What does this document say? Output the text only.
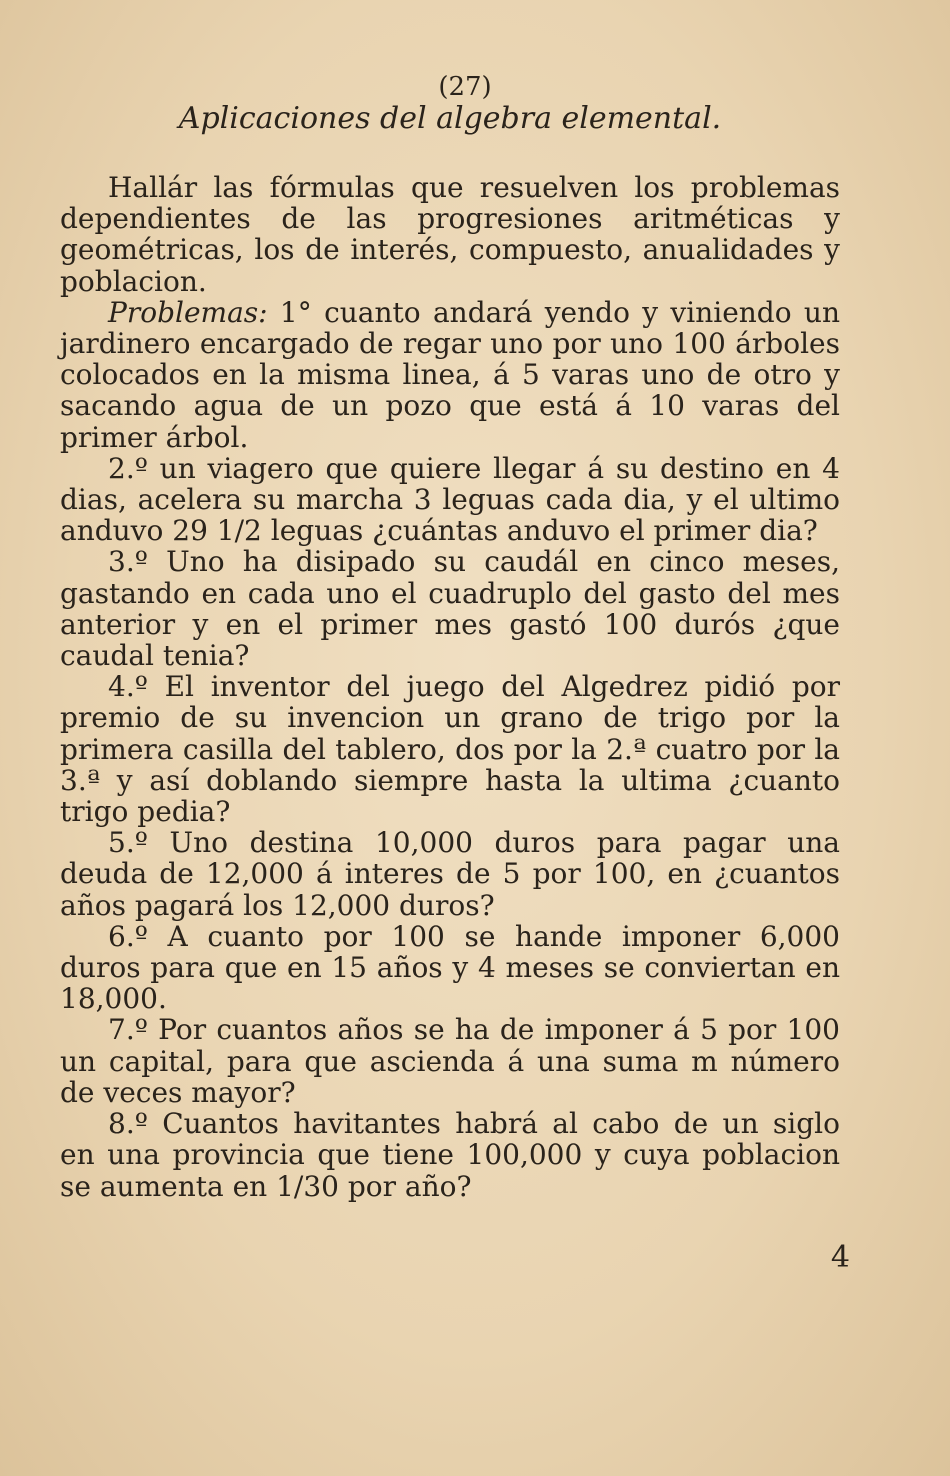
(27)
Aplicaciones del algebra elemental.

Hallár las fórmulas que resuelven los problemas dependientes de las progresiones aritméticas y geométricas, los de interés, compuesto, anualidades y poblacion.

Problemas: 1° cuanto andará yendo y viniendo un jardinero encargado de regar uno por uno 100 árboles colocados en la misma linea, á 5 varas uno de otro y sacando agua de un pozo que está á 10 varas del primer árbol.

2.º un viagero que quiere llegar á su destino en 4 dias, acelera su marcha 3 leguas cada dia, y el ultimo anduvo 29 1/2 leguas ¿cuántas anduvo el primer dia?

3.º Uno ha disipado su caudál en cinco meses, gastando en cada uno el cuadruplo del gasto del mes anterior y en el primer mes gastó 100 durós ¿que caudal tenia?

4.º El inventor del juego del Algedrez pidió por premio de su invencion un grano de trigo por la primera casilla del tablero, dos por la 2.ª cuatro por la 3.ª y así doblando siempre hasta la ultima ¿cuanto trigo pedia?

5.º Uno destina 10,000 duros para pagar una deuda de 12,000 á interes de 5 por 100, en ¿cuantos años pagará los 12,000 duros?

6.º A cuanto por 100 se hande imponer 6,000 duros para que en 15 años y 4 meses se conviertan en 18,000.

7.º Por cuantos años se ha de imponer á 5 por 100 un capital, para que ascienda á una suma m número de veces mayor?

8.º Cuantos havitantes habrá al cabo de un siglo en una provincia que tiene 100,000 y cuya poblacion se aumenta en 1/30 por año?

4
